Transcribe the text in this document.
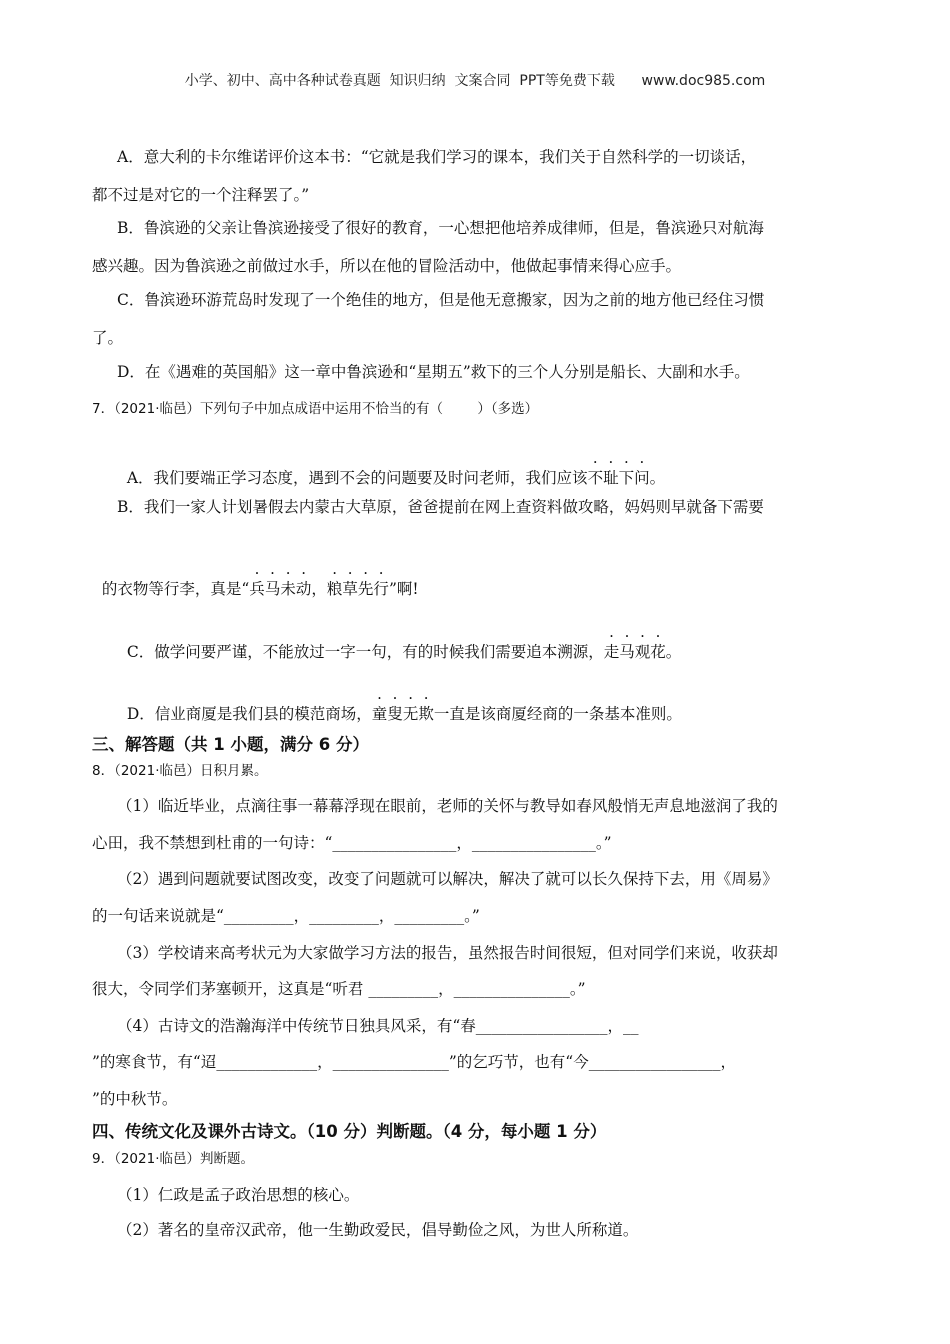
小学、初中、高中各种试卷真题  知识归纳  文案合同  PPT等免费下载      www.doc985.com
A．意大利的卡尔维诺评价这本书：“它就是我们学习的课本，我们关于自然科学的一切谈话，
都不过是对它的一个注释罢了。”
B．鲁滨逊的父亲让鲁滨逊接受了很好的教育，一心想把他培养成律师，但是，鲁滨逊只对航海
感兴趣。因为鲁滨逊之前做过水手，所以在他的冒险活动中，他做起事情来得心应手。
C．鲁滨逊环游荒岛时发现了一个绝佳的地方，但是他无意搬家，因为之前的地方他已经住习惯
了。
D．在《遇难的英国船》这一章中鲁滨逊和“星期五”救下的三个人分别是船长、大副和水手。
7．（2021·临邑）下列句子中加点成语中运用不恰当的有（        ）（多选）

A．我们要端正学习态度，遇到不会的问题要及时问老师，我们应该不耻下问。

B．我们一家人计划暑假去内蒙古大草原，爸爸提前在网上查资料做攻略，妈妈则早就备下需要

的衣物等行李，真是“兵马未动，粮草先行”啊!

C．做学问要严谨，不能放过一字一句，有的时候我们需要追本溯源，走马观花。

D．信业商厦是我们县的模范商场，童叟无欺一直是该商厦经商的一条基本准则。

三、解答题（共 1 小题，满分 6 分）
8．（2021·临邑）日积月累。
（1）临近毕业，点滴往事一幕幕浮现在眼前，老师的关怀与教导如春风般悄无声息地滋润了我的
心田，我不禁想到杜甫的一句诗：“________________，________________。”
（2）遇到问题就要试图改变，改变了问题就可以解决，解决了就可以长久保持下去，用《周易》
的一句话来说就是“_________，_________，_________。”
（3）学校请来高考状元为大家做学习方法的报告，虽然报告时间很短，但对同学们来说，收获却
很大，令同学们茅塞顿开，这真是“听君 _________，_______________。”
（4）古诗文的浩瀚海洋中传统节日独具风采，有“春_________________，__
”的寒食节，有“迢_____________，_______________”的乞巧节，也有“今_________________，
”的中秋节。
四、传统文化及课外古诗文。（10 分）判断题。（4 分，每小题 1 分）
9．（2021·临邑）判断题。
（1）仁政是孟子政治思想的核心。
（2）著名的皇帝汉武帝，他一生勤政爱民，倡导勤俭之风，为世人所称道。
